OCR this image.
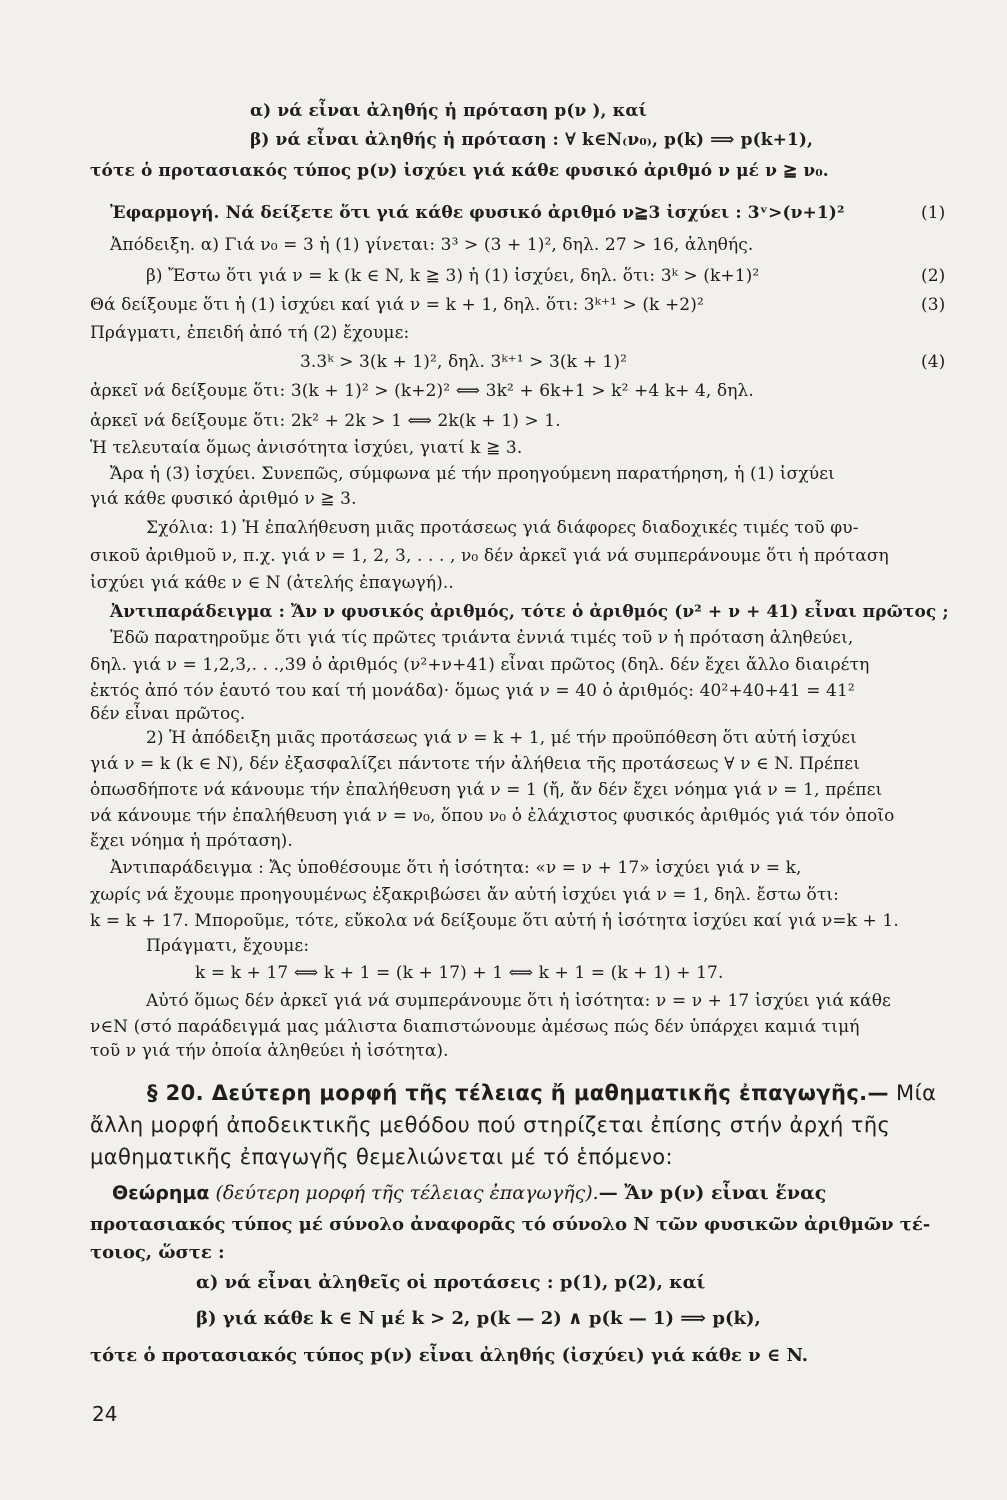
α) νά εἶναι ἀληθής ἡ πρόταση p(ν ), καί
β) νά εἶναι ἀληθής ἡ πρόταση : ∀ k∈N₍ν₀₎, p(k) ⟹ p(k+1),
τότε ὁ προτασιακός τύπος p(ν) ἰσχύει γιά κάθε φυσικό ἀριθμό ν μέ ν ≧ ν₀.
Ἐφαρμογή. Νά δείξετε ὅτι γιά κάθε φυσικό ἀριθμό ν≧3 ἰσχύει : 3ᵛ>(ν+1)²	(1)
Ἀπόδειξη. α) Γιά ν₀ = 3 ἡ (1) γίνεται: 3³ > (3 + 1)², δηλ. 27 > 16, ἀληθής.
β) Ἔστω ὅτι γιά ν = k (k ∈ N, k ≧ 3) ἡ (1) ἰσχύει, δηλ. ὅτι: 3ᵏ > (k+1)²	(2)
Θά δείξουμε ὅτι ἡ (1) ἰσχύει καί γιά ν = k + 1, δηλ. ὅτι: 3ᵏ⁺¹ > (k +2)²	(3)
Πράγματι, ἐπειδή ἀπό τή (2) ἔχουμε:
3.3ᵏ > 3(k + 1)², δηλ. 3ᵏ⁺¹ > 3(k + 1)²	(4)
ἀρκεῖ νά δείξουμε ὅτι: 3(k + 1)² > (k+2)² ⟺ 3k² + 6k+1 > k² +4 k+ 4, δηλ.
ἀρκεῖ νά δείξουμε ὅτι: 2k² + 2k > 1 ⟺ 2k(k + 1) > 1.
Ἡ τελευταία ὅμως ἀνισότητα ἰσχύει, γιατί k ≧ 3.
Ἄρα ἡ (3) ἰσχύει. Συνεπῶς, σύμφωνα μέ τήν προηγούμενη παρατήρηση, ἡ (1) ἰσχύει
γιά κάθε φυσικό ἀριθμό ν ≧ 3.
Σχόλια: 1) Ἡ ἐπαλήθευση μιᾶς προτάσεως γιά διάφορες διαδοχικές τιμές τοῦ φυ-
σικοῦ ἀριθμοῦ ν, π.χ. γιά ν = 1, 2, 3, . . . , ν₀ δέν ἀρκεῖ γιά νά συμπεράνουμε ὅτι ἡ πρόταση
ἰσχύει γιά κάθε ν ∈ N (ἀτελής ἐπαγωγή)..
Ἀντιπαράδειγμα : Ἄν ν φυσικός ἀριθμός, τότε ὁ ἀριθμός (ν² + ν + 41) εἶναι πρῶτος ;
Ἐδῶ παρατηροῦμε ὅτι γιά τίς πρῶτες τριάντα ἐννιά τιμές τοῦ ν ἡ πρόταση ἀληθεύει,
δηλ. γιά ν = 1,2,3,. . .,39 ὁ ἀριθμός (ν²+ν+41) εἶναι πρῶτος (δηλ. δέν ἔχει ἄλλο διαιρέτη
ἐκτός ἀπό τόν ἑαυτό του καί τή μονάδα)· ὅμως γιά ν = 40 ὁ ἀριθμός: 40²+40+41 = 41²
δέν εἶναι πρῶτος.
2) Ἡ ἀπόδειξη μιᾶς προτάσεως γιά ν = k + 1, μέ τήν προϋπόθεση ὅτι αὐτή ἰσχύει
γιά ν = k (k ∈ N), δέν ἐξασφαλίζει πάντοτε τήν ἀλήθεια τῆς προτάσεως ∀ ν ∈ N. Πρέπει
ὁπωσδήποτε νά κάνουμε τήν ἐπαλήθευση γιά ν = 1 (ἤ, ἄν δέν ἔχει νόημα γιά ν = 1, πρέπει
νά κάνουμε τήν ἐπαλήθευση γιά ν = ν₀, ὅπου ν₀ ὁ ἐλάχιστος φυσικός ἀριθμός γιά τόν ὁποῖο
ἔχει νόημα ἡ πρόταση).
Ἀντιπαράδειγμα : Ἄς ὑποθέσουμε ὅτι ἡ ἰσότητα: «ν = ν + 17» ἰσχύει γιά ν = k,
χωρίς νά ἔχουμε προηγουμένως ἐξακριβώσει ἄν αὐτή ἰσχύει γιά ν = 1, δηλ. ἔστω ὅτι:
k = k + 17. Μποροῦμε, τότε, εὔκολα νά δείξουμε ὅτι αὐτή ἡ ἰσότητα ἰσχύει καί γιά ν=k + 1.
Πράγματι, ἔχουμε:
k = k + 17 ⟺ k + 1 = (k + 17) + 1 ⟺ k + 1 = (k + 1) + 17.
Αὐτό ὅμως δέν ἀρκεῖ γιά νά συμπεράνουμε ὅτι ἡ ἰσότητα: ν = ν + 17 ἰσχύει γιά κάθε
ν∈N (στό παράδειγμά μας μάλιστα διαπιστώνουμε ἀμέσως πώς δέν ὑπάρχει καμιά τιμή
τοῦ ν γιά τήν ὁποία ἀληθεύει ἡ ἰσότητα).
§ 20. Δεύτερη μορφή τῆς τέλειας ἤ μαθηματικῆς ἐπαγωγῆς.— Μία
ἄλλη μορφή ἀποδεικτικῆς μεθόδου πού στηρίζεται ἐπίσης στήν ἀρχή τῆς
μαθηματικῆς ἐπαγωγῆς θεμελιώνεται μέ τό ἑπόμενο:
Θεώρημα (δεύτερη μορφή τῆς τέλειας ἐπαγωγῆς).— Ἄν p(ν) εἶναι ἕνας
προτασιακός τύπος μέ σύνολο ἀναφορᾶς τό σύνολο N τῶν φυσικῶν ἀριθμῶν τέ-
τοιος, ὥστε :
α) νά εἶναι ἀληθεῖς οἱ προτάσεις : p(1), p(2), καί
β) γιά κάθε k ∈ N μέ k > 2, p(k — 2) ∧ p(k — 1) ⟹ p(k),
τότε ὁ προτασιακός τύπος p(ν) εἶναι ἀληθής (ἰσχύει) γιά κάθε ν ∈ N.
24
